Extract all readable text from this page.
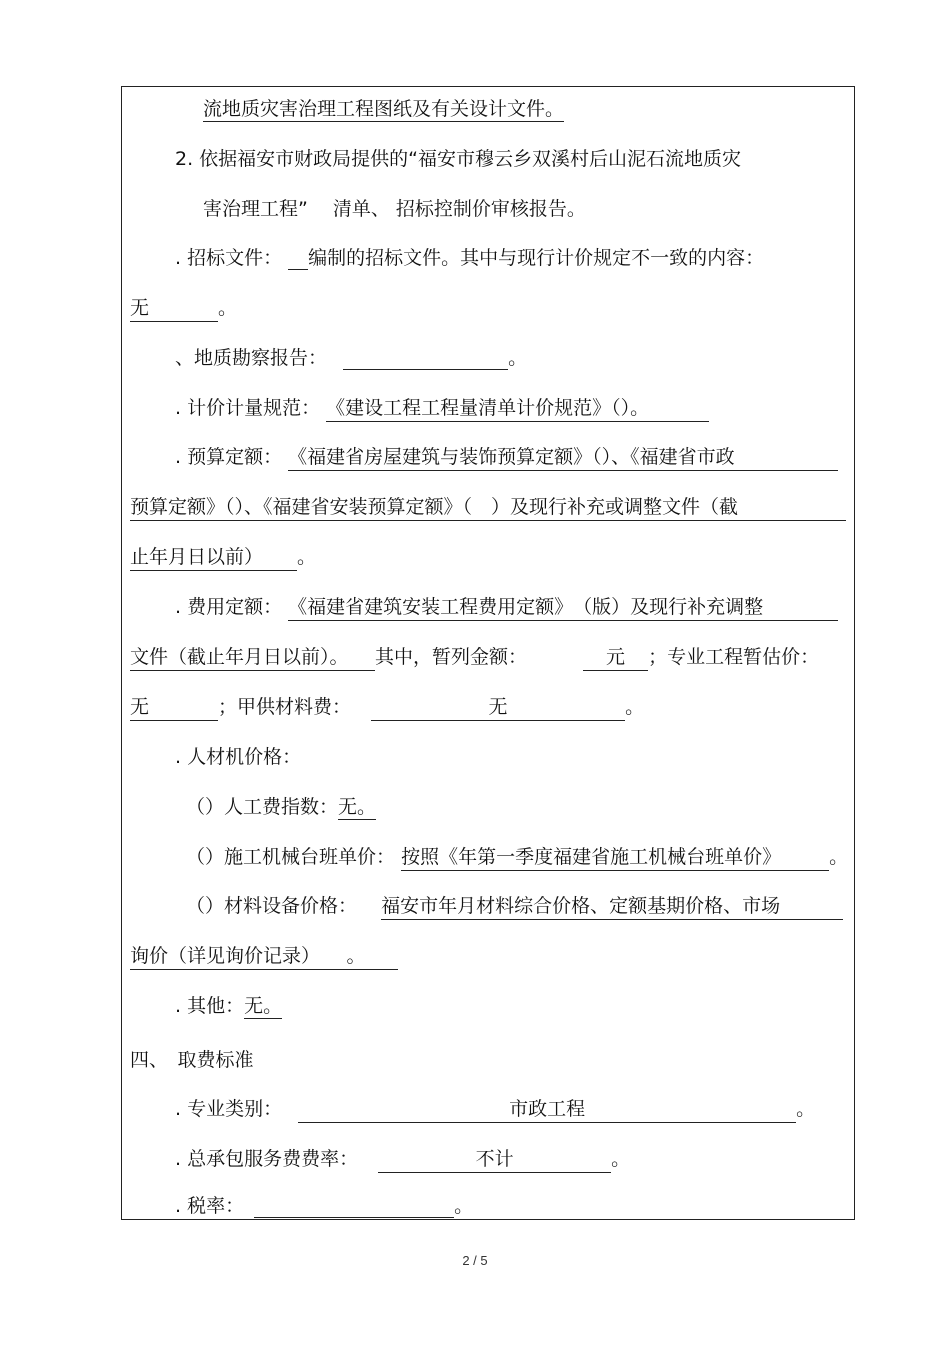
流地质灾害治理工程图纸及有关设计文件。
2. 依据福安市财政局提供的“福安市穆云乡双溪村后山泥石流地质灾
害治理工程”　 清单、 招标控制价审核报告。
. 招标文件： 编制的招标文件。其中与现行计价规定不一致的内容：
无	。
、地质勘察报告：	。
. 计价计量规范： 《建设工程工程量清单计价规范》（）。
. 预算定额： 《福建省房屋建筑与装饰预算定额》（）、《福建省市政
预算定额》（）、《福建省安装预算定额》（　）及现行补充或调整文件（截
止年月日以前） 。
. 费用定额： 《福建省建筑安装工程费用定额》　（版）及现行补充调整
文件（截止年月日以前）。 其中，暂列金额：	元 ；专业工程暂估价：
无	；甲供材料费：	无	。
. 人材机价格：
（）人工费指数：无。
（）施工机械台班单价： 按照《年第一季度福建省施工机械台班单价》	。
（）材料设备价格： 福安市年月材料综合价格、定额基期价格、市场
询价（详见询价记录） 。
. 其他：无。
四、　取费标准
. 专业类别：	市政工程	。
. 总承包服务费费率：	不计	。
. 税率：	。
2 / 5
